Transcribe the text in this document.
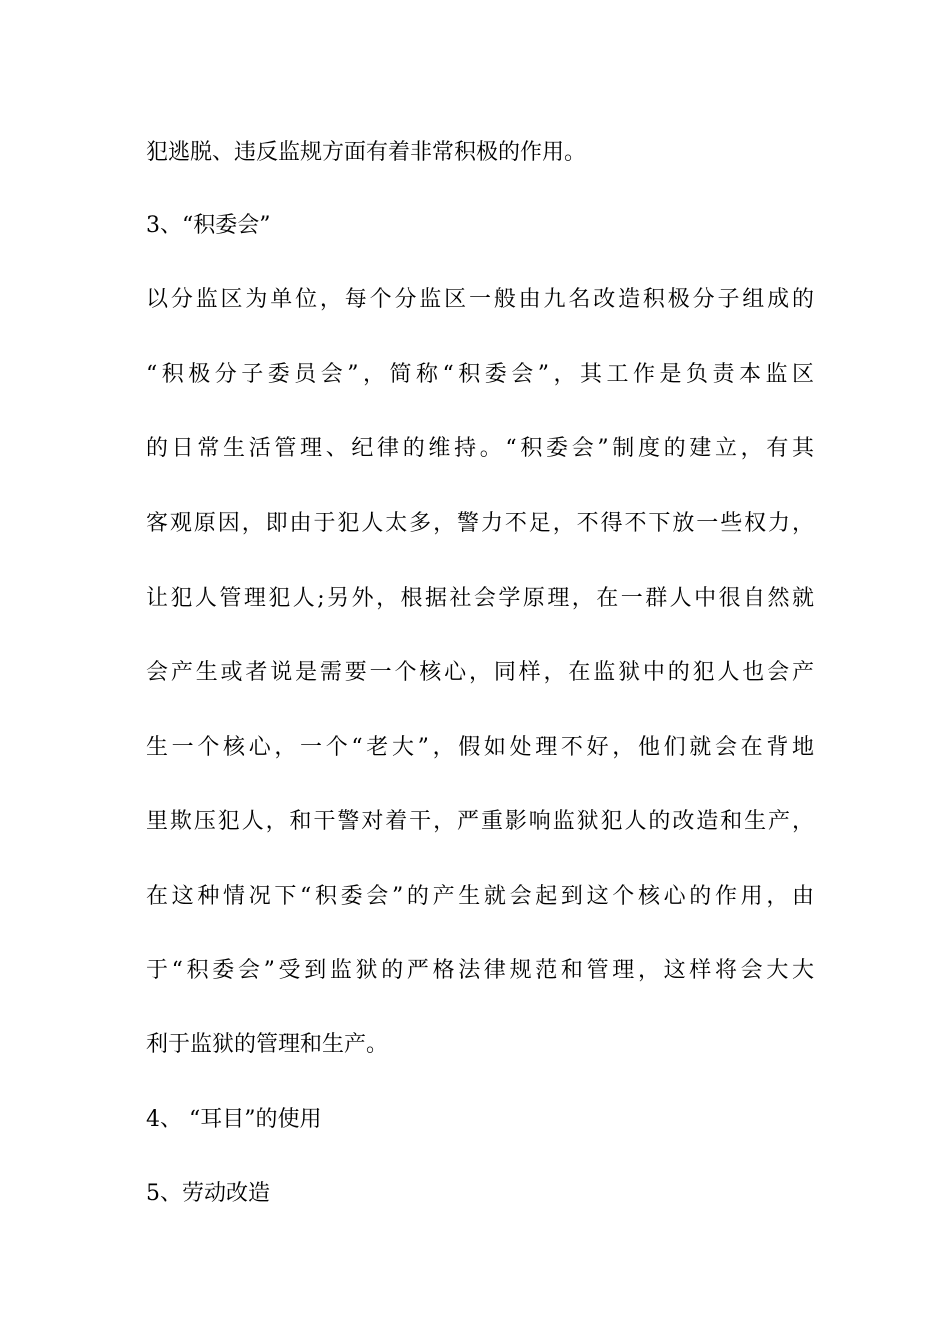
犯逃脱、违反监规方面有着非常积极的作用。
3、“积委会”
以分监区为单位，每个分监区一般由九名改造积极分子组成的
“积极分子委员会”，简称“积委会”，其工作是负责本监区
的日常生活管理、纪律的维持。“积委会”制度的建立，有其
客观原因，即由于犯人太多，警力不足，不得不下放一些权力，
让犯人管理犯人;另外，根据社会学原理，在一群人中很自然就
会产生或者说是需要一个核心，同样，在监狱中的犯人也会产
生一个核心，一个“老大”，假如处理不好，他们就会在背地
里欺压犯人，和干警对着干，严重影响监狱犯人的改造和生产，
在这种情况下“积委会”的产生就会起到这个核心的作用，由
于“积委会”受到监狱的严格法律规范和管理，这样将会大大
利于监狱的管理和生产。
4、 “耳目”的使用
5、劳动改造
